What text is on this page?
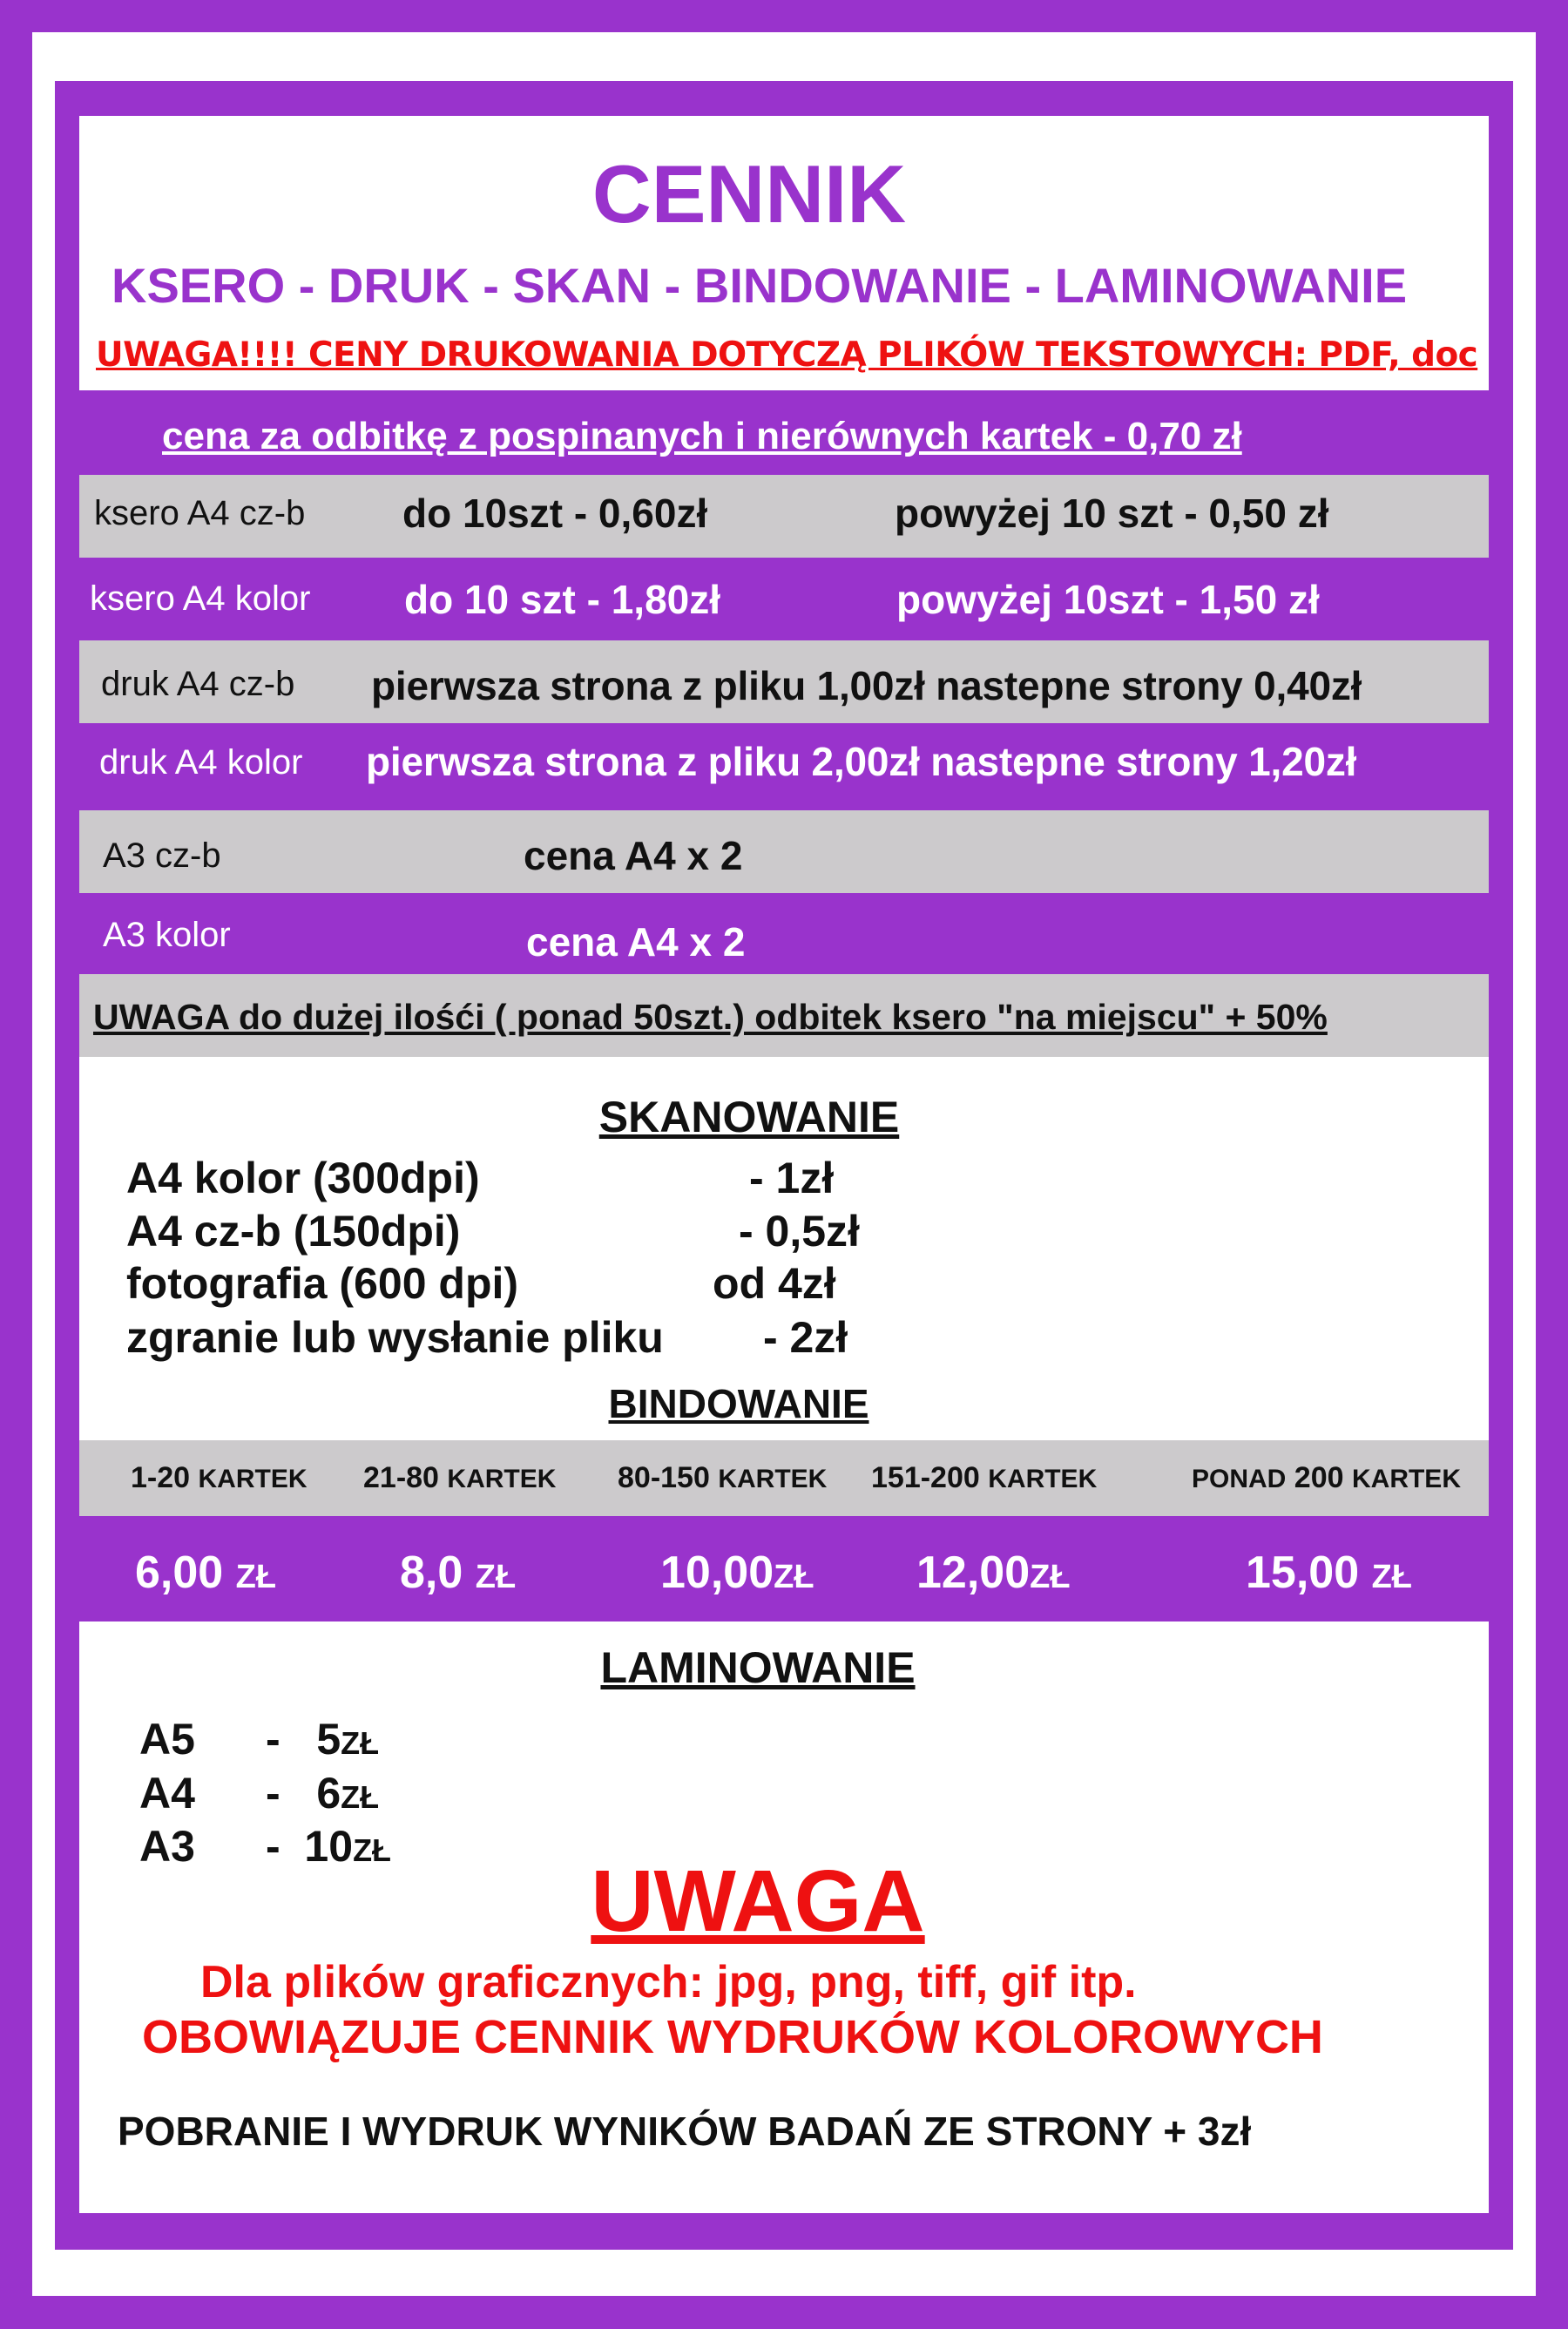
CENNIK
KSERO - DRUK - SKAN - BINDOWANIE - LAMINOWANIE
UWAGA!!!! CENY DRUKOWANIA DOTYCZĄ PLIKÓW TEKSTOWYCH: PDF, doc
cena za odbitkę z pospinanych i nierównych kartek - 0,70 zł
ksero A4 cz-b do 10szt - 0,60zł	powyżej 10 szt - 0,50 zł
ksero A4 kolor do 10 szt - 1,80zł	powyżej 10szt - 1,50 zł
druk A4 cz-b pierwsza strona z pliku 1,00zł nastepne strony 0,40zł
druk A4 kolor pierwsza strona z pliku 2,00zł nastepne strony 1,20zł
A3 cz-b	cena A4 x 2
A3 kolor	cena A4 x 2
UWAGA do dużej ilośći ( ponad 50szt.) odbitek ksero "na miejscu" + 50%
SKANOWANIE
A4 kolor (300dpi)	- 1zł
A4 cz-b (150dpi)	- 0,5zł
fotografia (600 dpi)	od 4zł
zgranie lub wysłanie pliku - 2zł
BINDOWANIE
1-20 KARTEK 21-80 KARTEK 80-150 KARTEK 151-200 KARTEK	PONAD 200 KARTEK
6,00 ZŁ	8,0 ZŁ	10,00ZŁ 12,00ZŁ	15,00 ZŁ
LAMINOWANIE
A5 -   5ZŁ
A4 -   6ZŁ
A3 -  10ZŁ
UWAGA
Dla plików graficznych: jpg, png, tiff, gif itp.
OBOWIĄZUJE CENNIK WYDRUKÓW KOLOROWYCH
POBRANIE I WYDRUK WYNIKÓW BADAŃ ZE STRONY + 3zł
